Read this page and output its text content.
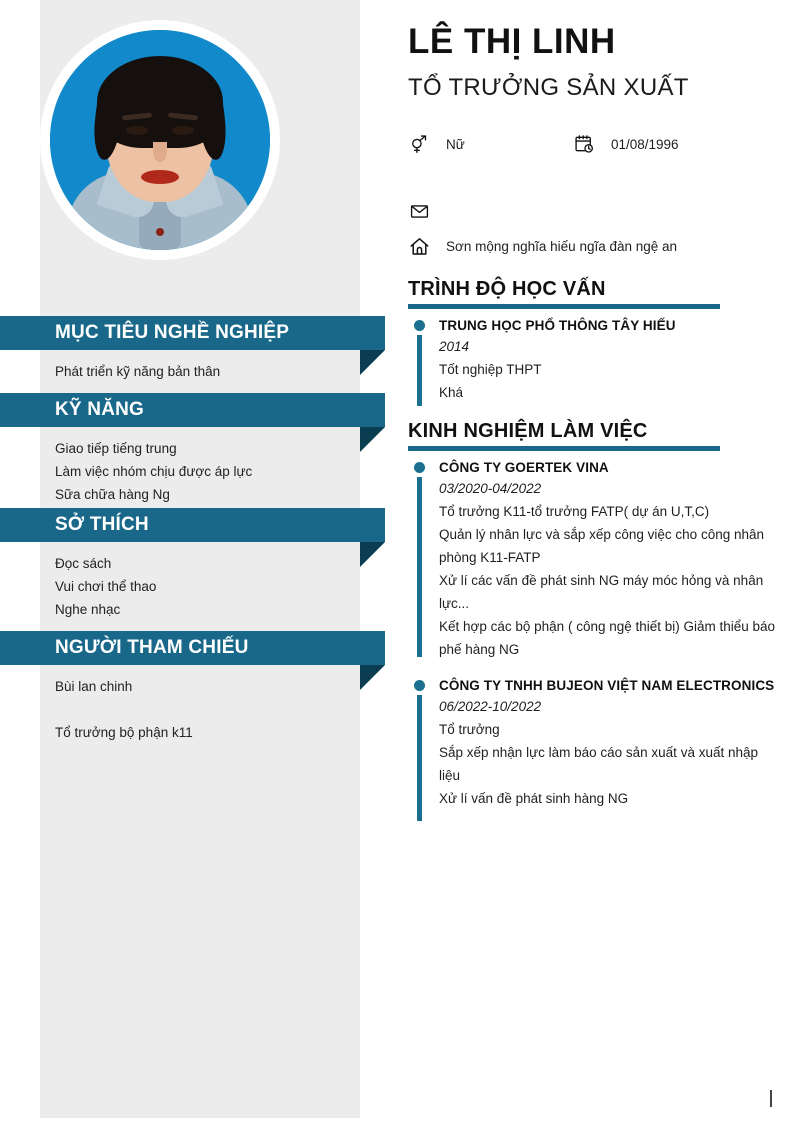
MỤC TIÊU NGHỀ NGHIỆP
Phát triển kỹ năng bản thân
KỸ NĂNG
Giao tiếp tiếng trung
Làm việc nhóm chịu được áp lực
Sữa chữa hàng Ng
SỞ THÍCH
Đọc sách
Vui chơi thể thao
Nghe nhạc
NGƯỜI THAM CHIẾU
Bùi lan chinh
Tổ trưởng bộ phận k11
LÊ THỊ LINH
TỔ TRƯỞNG SẢN XUẤT
Nữ	01/08/1996
Sơn mộng nghĩa hiếu ngĩa đàn ngệ an
TRÌNH ĐỘ HỌC VẤN
TRUNG HỌC PHỔ THÔNG TÂY HIẾU
2014
Tốt nghiệp THPT
Khá
KINH NGHIỆM LÀM VIỆC
CÔNG TY GOERTEK VINA
03/2020-04/2022
Tổ trưởng K11-tổ trưởng FATP( dự án U,T,C)
Quản lý nhân lực và sắp xếp công việc cho công nhân phòng K11-FATP
Xử lí các vấn đề phát sinh NG máy móc hỏng và nhân lực...
Kết hợp các bộ phận ( công ngệ thiết bị) Giảm thiểu báo phế hàng NG
CÔNG TY TNHH BUJEON VIỆT NAM ELECTRONICS
06/2022-10/2022
Tổ trưởng
Sắp xếp nhận lực làm báo cáo sản xuất và xuất nhập liệu
Xử lí vấn đề phát sinh hàng NG
